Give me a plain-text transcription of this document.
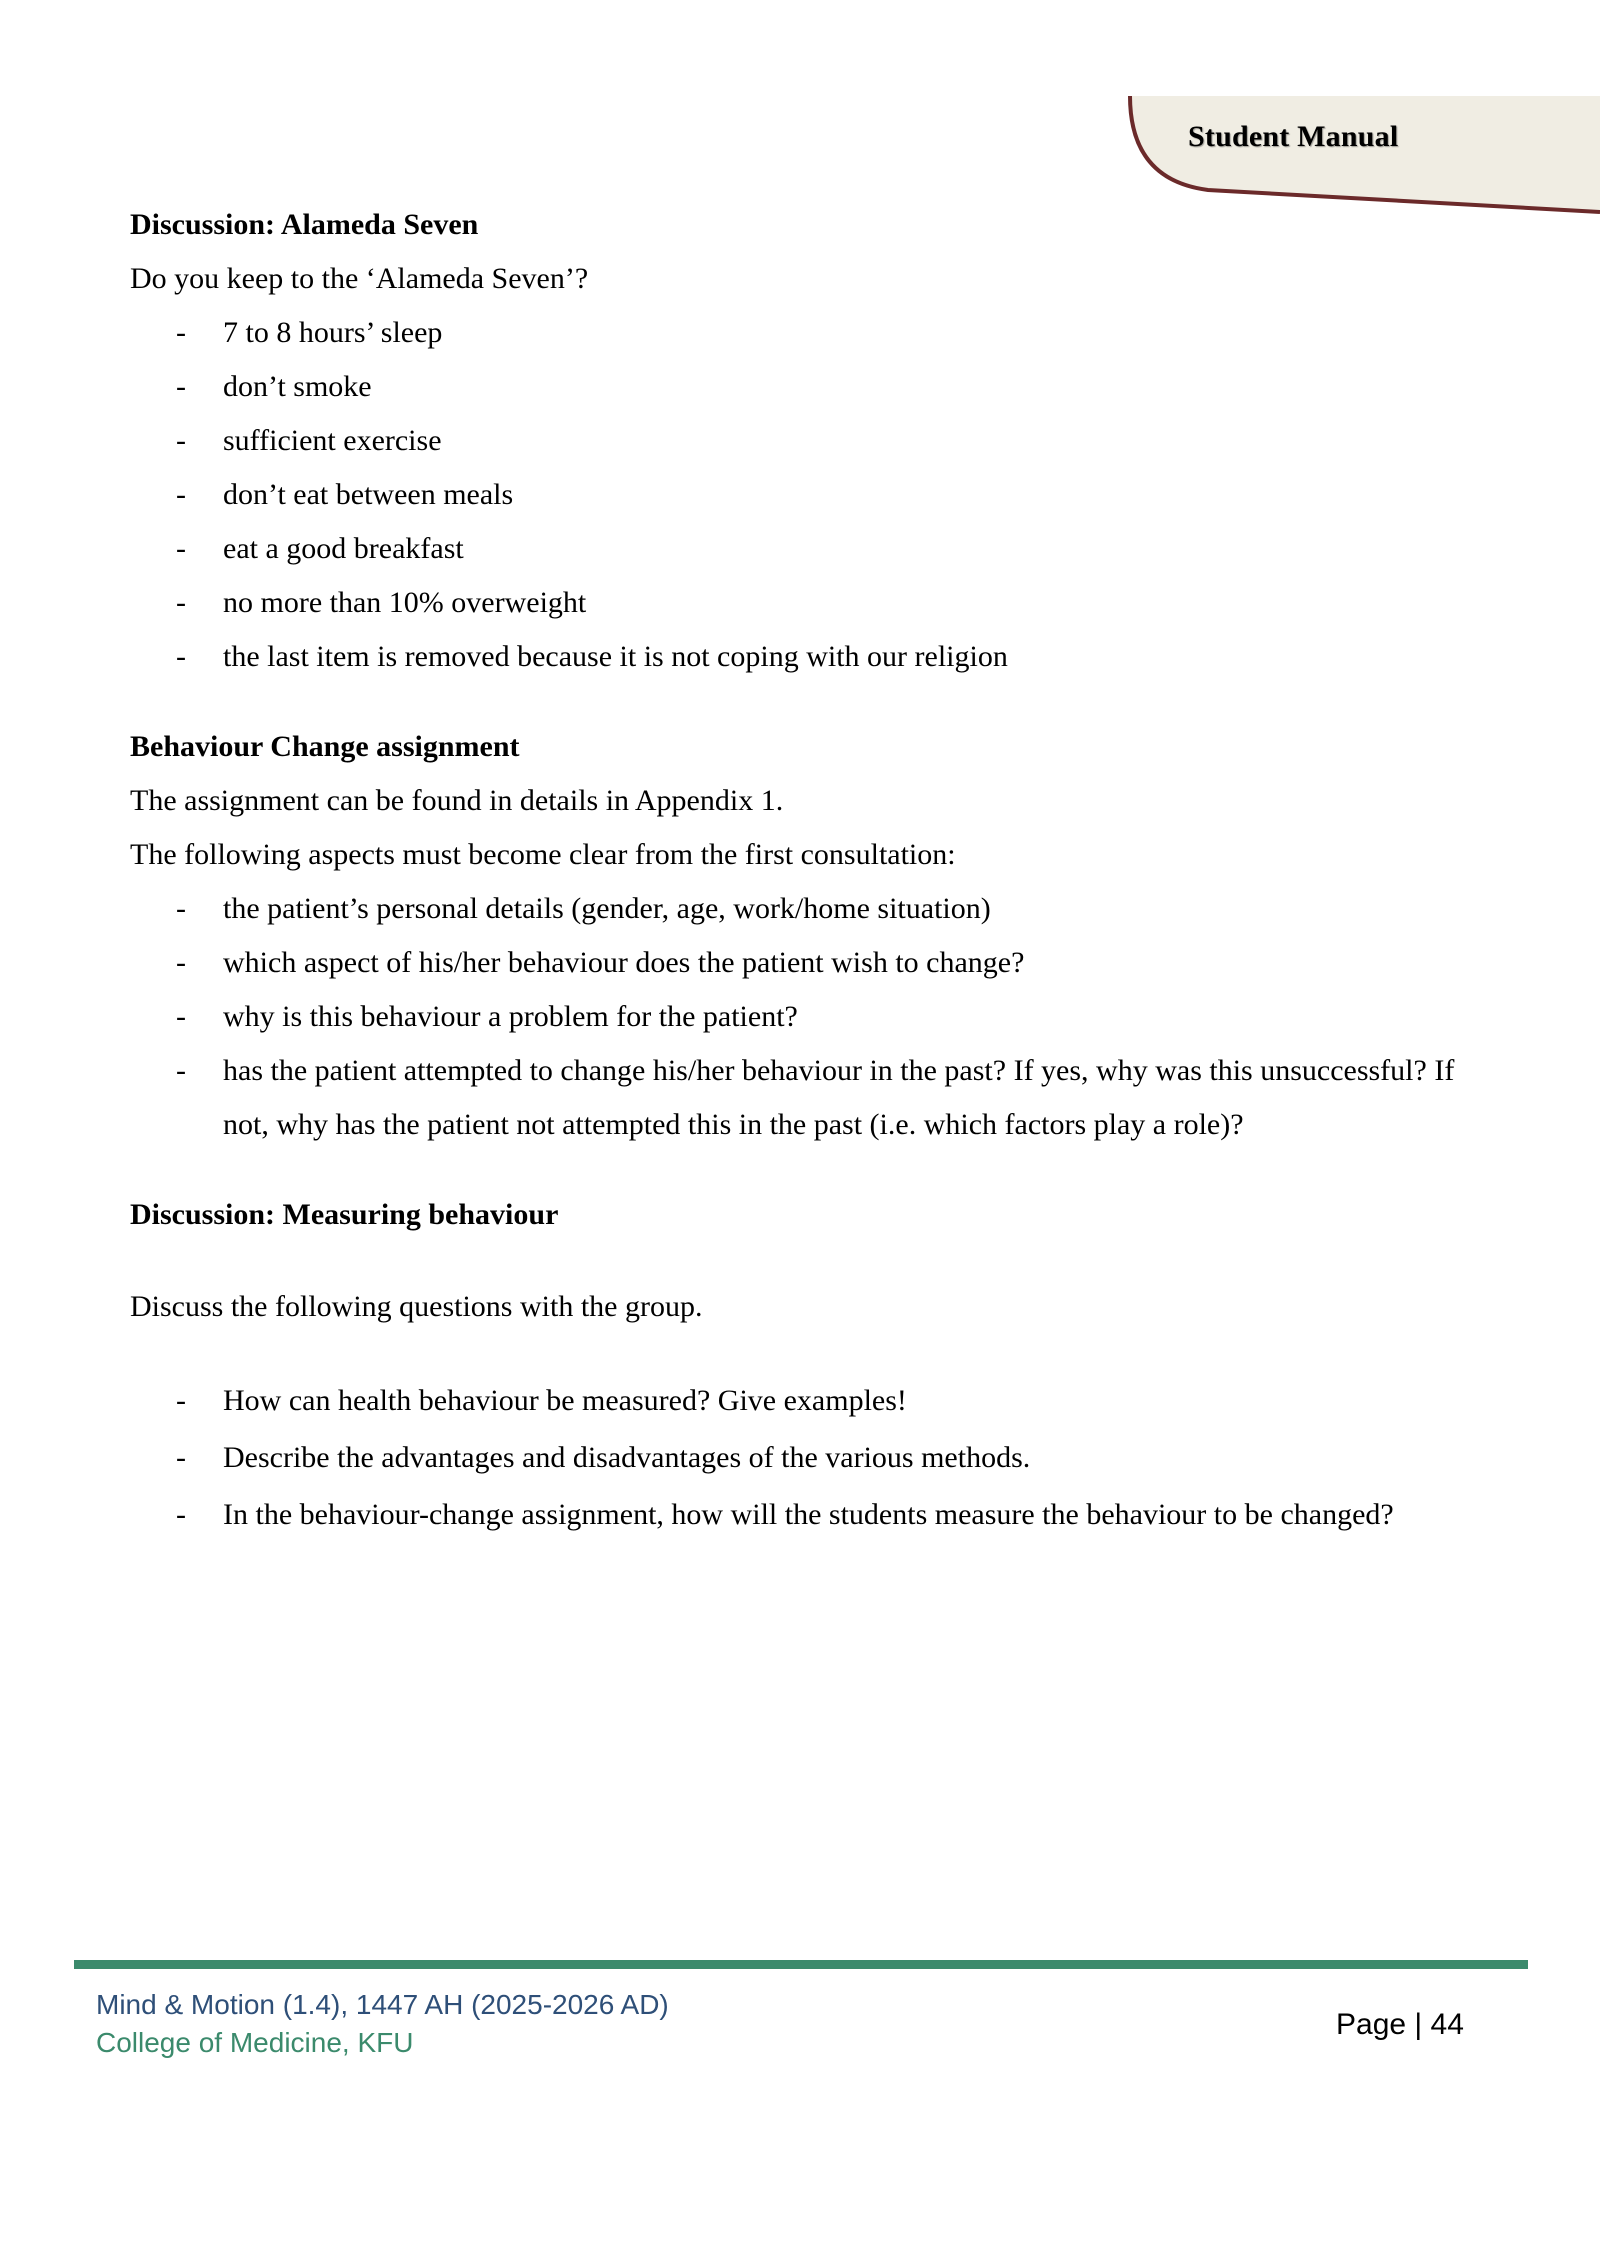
Student Manual

Discussion: Alameda Seven

Do you keep to the ‘Alameda Seven’?

- 7 to 8 hours’ sleep
- don’t smoke
- sufficient exercise
- don’t eat between meals
- eat a good breakfast
- no more than 10% overweight
- the last item is removed because it is not coping with our religion

Behaviour Change assignment

The assignment can be found in details in Appendix 1.

The following aspects must become clear from the first consultation:

- the patient’s personal details (gender, age, work/home situation)
- which aspect of his/her behaviour does the patient wish to change?
- why is this behaviour a problem for the patient?
- has the patient attempted to change his/her behaviour in the past? If yes, why was this unsuccessful? If not, why has the patient not attempted this in the past (i.e. which factors play a role)?

Discussion: Measuring behaviour

Discuss the following questions with the group.

- How can health behaviour be measured? Give examples!
- Describe the advantages and disadvantages of the various methods.
- In the behaviour-change assignment, how will the students measure the behaviour to be changed?
Mind & Motion (1.4), 1447 AH (2025-2026 AD)
College of Medicine, KFU
Page | 44
